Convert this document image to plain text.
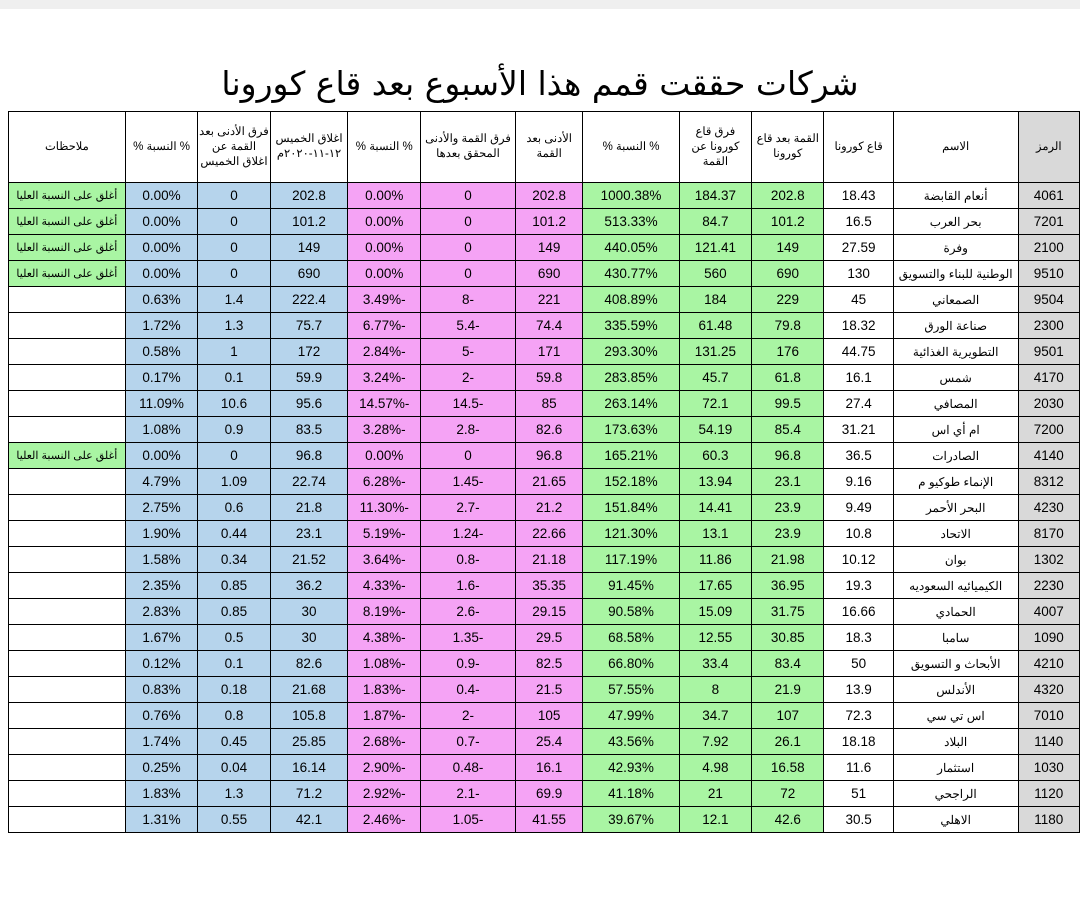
شركات حققت قمم هذا الأسبوع بعد قاع كورونا
الرمز	الاسم	قاع كورونا	القمة بعد قاع كورونا	فرق قاع كورونا عن القمة	% النسبة %	الأدنى بعد القمة	فرق القمة والأدنى المحقق بعدها	% النسبة %	اغلاق الخميس ١٢-١١-٢٠٢٠م	فرق الأدنى بعد القمة عن اغلاق الخميس	% النسبة %	ملاحظات
4061	أنعام القابضة	18.43	202.8	184.37	1000.38%	202.8	0	0.00%	202.8	0	0.00%	أغلق على النسبة العليا
7201	بحر العرب	16.5	101.2	84.7	513.33%	101.2	0	0.00%	101.2	0	0.00%	أغلق على النسبة العليا
2100	وفرة	27.59	149	121.41	440.05%	149	0	0.00%	149	0	0.00%	أغلق على النسبة العليا
9510	الوطنية للبناء والتسويق	130	690	560	430.77%	690	0	0.00%	690	0	0.00%	أغلق على النسبة العليا
9504	الصمعاني	45	229	184	408.89%	221	-8	-3.49%	222.4	1.4	0.63%	
2300	صناعة الورق	18.32	79.8	61.48	335.59%	74.4	-5.4	-6.77%	75.7	1.3	1.72%	
9501	التطويرية الغذائية	44.75	176	131.25	293.30%	171	-5	-2.84%	172	1	0.58%	
4170	شمس	16.1	61.8	45.7	283.85%	59.8	-2	-3.24%	59.9	0.1	0.17%	
2030	المصافي	27.4	99.5	72.1	263.14%	85	-14.5	-14.57%	95.6	10.6	11.09%	
7200	ام أي اس	31.21	85.4	54.19	173.63%	82.6	-2.8	-3.28%	83.5	0.9	1.08%	
4140	الصادرات	36.5	96.8	60.3	165.21%	96.8	0	0.00%	96.8	0	0.00%	أغلق على النسبة العليا
8312	الإنماء طوكيو م	9.16	23.1	13.94	152.18%	21.65	-1.45	-6.28%	22.74	1.09	4.79%	
4230	البحر الأحمر	9.49	23.9	14.41	151.84%	21.2	-2.7	-11.30%	21.8	0.6	2.75%	
8170	الاتحاد	10.8	23.9	13.1	121.30%	22.66	-1.24	-5.19%	23.1	0.44	1.90%	
1302	بوان	10.12	21.98	11.86	117.19%	21.18	-0.8	-3.64%	21.52	0.34	1.58%	
2230	الكيميائيه السعوديه	19.3	36.95	17.65	91.45%	35.35	-1.6	-4.33%	36.2	0.85	2.35%	
4007	الحمادي	16.66	31.75	15.09	90.58%	29.15	-2.6	-8.19%	30	0.85	2.83%	
1090	سامبا	18.3	30.85	12.55	68.58%	29.5	-1.35	-4.38%	30	0.5	1.67%	
4210	الأبحاث و التسويق	50	83.4	33.4	66.80%	82.5	-0.9	-1.08%	82.6	0.1	0.12%	
4320	الأندلس	13.9	21.9	8	57.55%	21.5	-0.4	-1.83%	21.68	0.18	0.83%	
7010	اس تي سي	72.3	107	34.7	47.99%	105	-2	-1.87%	105.8	0.8	0.76%	
1140	البلاد	18.18	26.1	7.92	43.56%	25.4	-0.7	-2.68%	25.85	0.45	1.74%	
1030	استثمار	11.6	16.58	4.98	42.93%	16.1	-0.48	-2.90%	16.14	0.04	0.25%	
1120	الراجحي	51	72	21	41.18%	69.9	-2.1	-2.92%	71.2	1.3	1.83%	
1180	الاهلي	30.5	42.6	12.1	39.67%	41.55	-1.05	-2.46%	42.1	0.55	1.31%	
